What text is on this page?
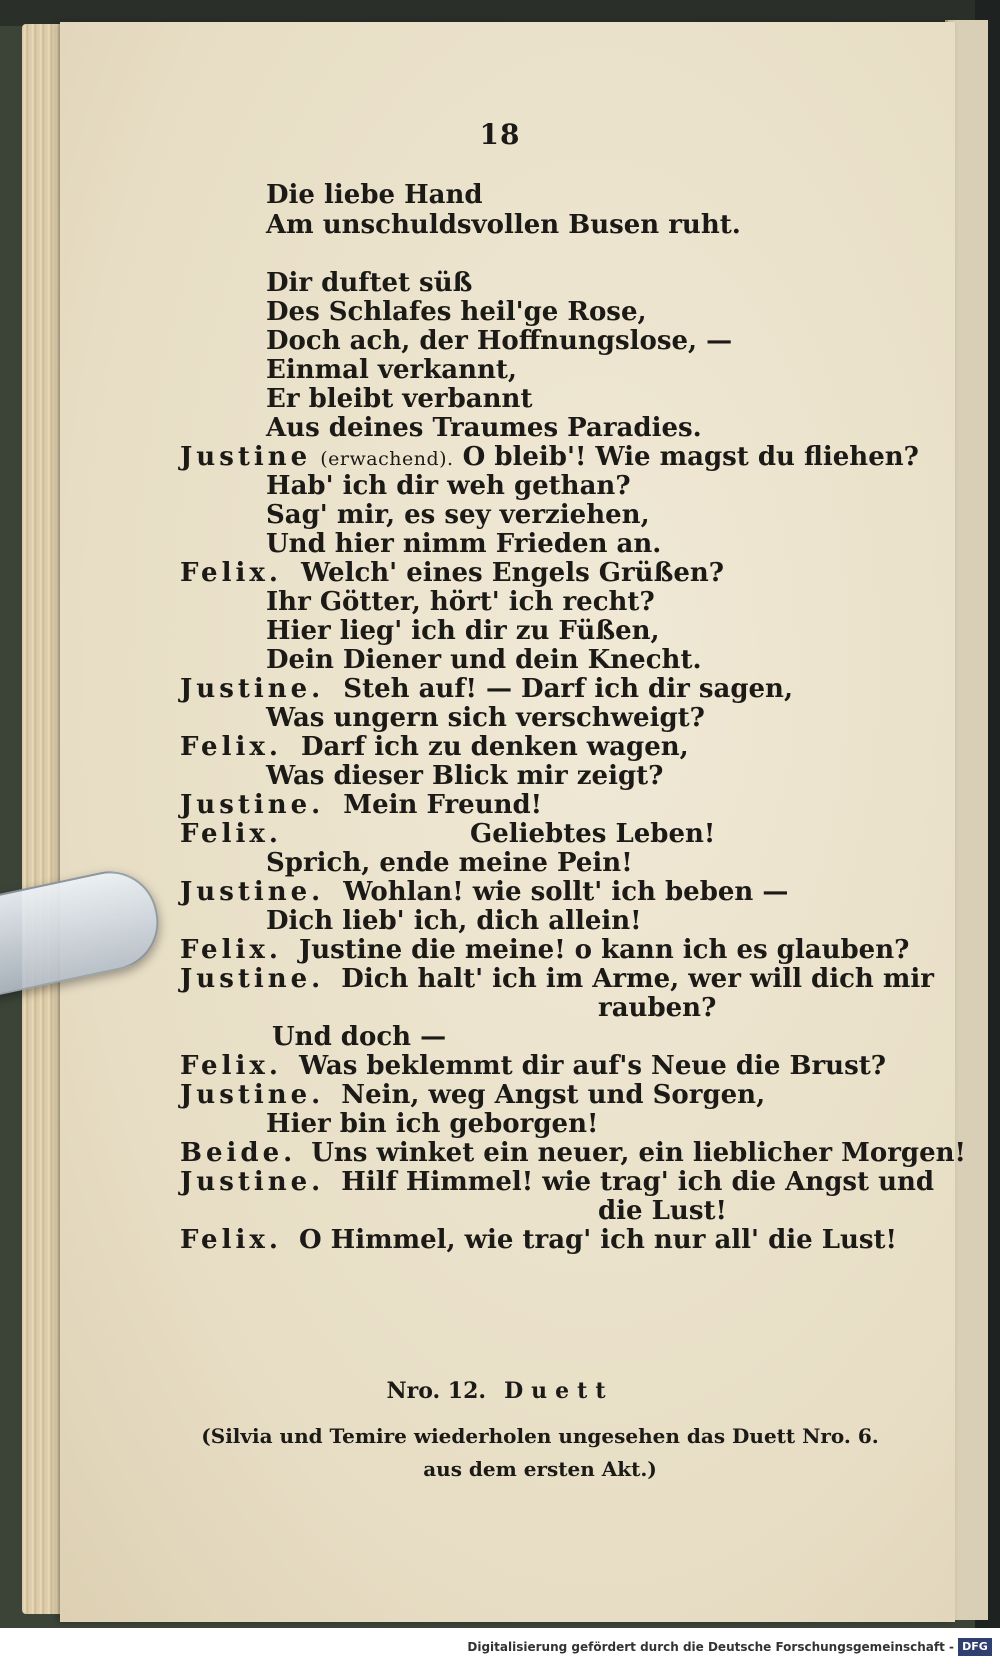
18
Die liebe Hand
Am unschuldsvollen Busen ruht.
Dir duftet süß
Des Schlafes heil'ge Rose,
Doch ach, der Hoffnungslose, —
Einmal verkannt,
Er bleibt verbannt
Aus deines Traumes Paradies.
Justine (erwachend). O bleib'! Wie magst du fliehen?
Hab' ich dir weh gethan?
Sag' mir, es sey verziehen,
Und hier nimm Frieden an.
Felix. Welch' eines Engels Grüßen?
Ihr Götter, hört' ich recht?
Hier lieg' ich dir zu Füßen,
Dein Diener und dein Knecht.
Justine. Steh auf! — Darf ich dir sagen,
Was ungern sich verschweigt?
Felix. Darf ich zu denken wagen,
Was dieser Blick mir zeigt?
Justine. Mein Freund!
Felix.	Geliebtes Leben!
Sprich, ende meine Pein!
Justine. Wohlan! wie sollt' ich beben —
Dich lieb' ich, dich allein!
Felix. Justine die meine! o kann ich es glauben?
Justine. Dich halt' ich im Arme, wer will dich mir
rauben?
Und doch —
Felix. Was beklemmt dir auf's Neue die Brust?
Justine. Nein, weg Angst und Sorgen,
Hier bin ich geborgen!
Beide. Uns winket ein neuer, ein lieblicher Morgen!
Justine. Hilf Himmel! wie trag' ich die Angst und
die Lust!
Felix. O Himmel, wie trag' ich nur all' die Lust!
Nro. 12. Duett
(Silvia und Temire wiederholen ungesehen das Duett Nro. 6.
aus dem ersten Akt.)
Digitalisierung gefördert durch die Deutsche Forschungsgemeinschaft - DFG
